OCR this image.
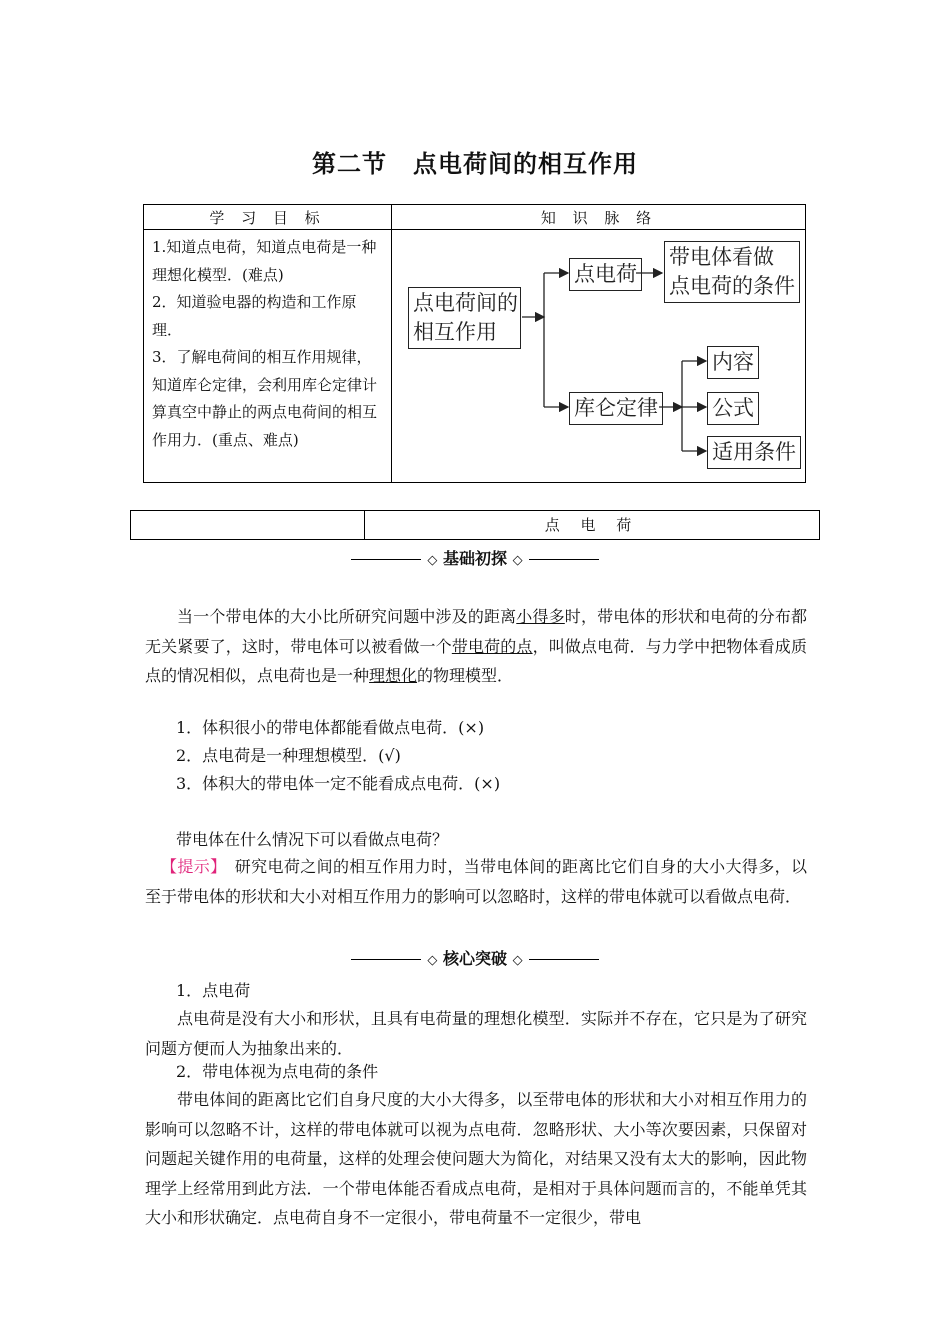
第二节 点电荷间的相互作用
学 习 目 标	知 识 脉 络
1.知道点电荷，知道点电荷是一种理想化模型．(难点)
2．知道验电器的构造和工作原理．
3．了解电荷间的相互作用规律，知道库仑定律，会利用库仑定律计算真空中静止的两点电荷间的相互作用力．(重点、难点)
点电荷间的
相互作用
点电荷
带电体看做
点电荷的条件
库仑定律
内容
公式
适用条件
点 电 荷
◇ 基础初探 ◇
当一个带电体的大小比所研究问题中涉及的距离小得多时，带电体的形状和电荷的分布都无关紧要了，这时，带电体可以被看做一个带电荷的点，叫做点电荷．与力学中把物体看成质点的情况相似，点电荷也是一种理想化的物理模型．
1．体积很小的带电体都能看做点电荷．(×)
2．点电荷是一种理想模型．(√)
3．体积大的带电体一定不能看成点电荷．(×)
带电体在什么情况下可以看做点电荷？
【提示】　 研究电荷之间的相互作用力时，当带电体间的距离比它们自身的大小大得多，以至于带电体的形状和大小对相互作用力的影响可以忽略时，这样的带电体就可以看做点电荷．
◇ 核心突破 ◇
1．点电荷
点电荷是没有大小和形状，且具有电荷量的理想化模型．实际并不存在，它只是为了研究问题方便而人为抽象出来的．
2．带电体视为点电荷的条件
带电体间的距离比它们自身尺度的大小大得多，以至带电体的形状和大小对相互作用力的影响可以忽略不计，这样的带电体就可以视为点电荷．忽略形状、大小等次要因素，只保留对问题起关键作用的电荷量，这样的处理会使问题大为简化，对结果又没有太大的影响，因此物理学上经常用到此方法．一个带电体能否看成点电荷，是相对于具体问题而言的，不能单凭其大小和形状确定．点电荷自身不一定很小，带电荷量不一定很少，带电
